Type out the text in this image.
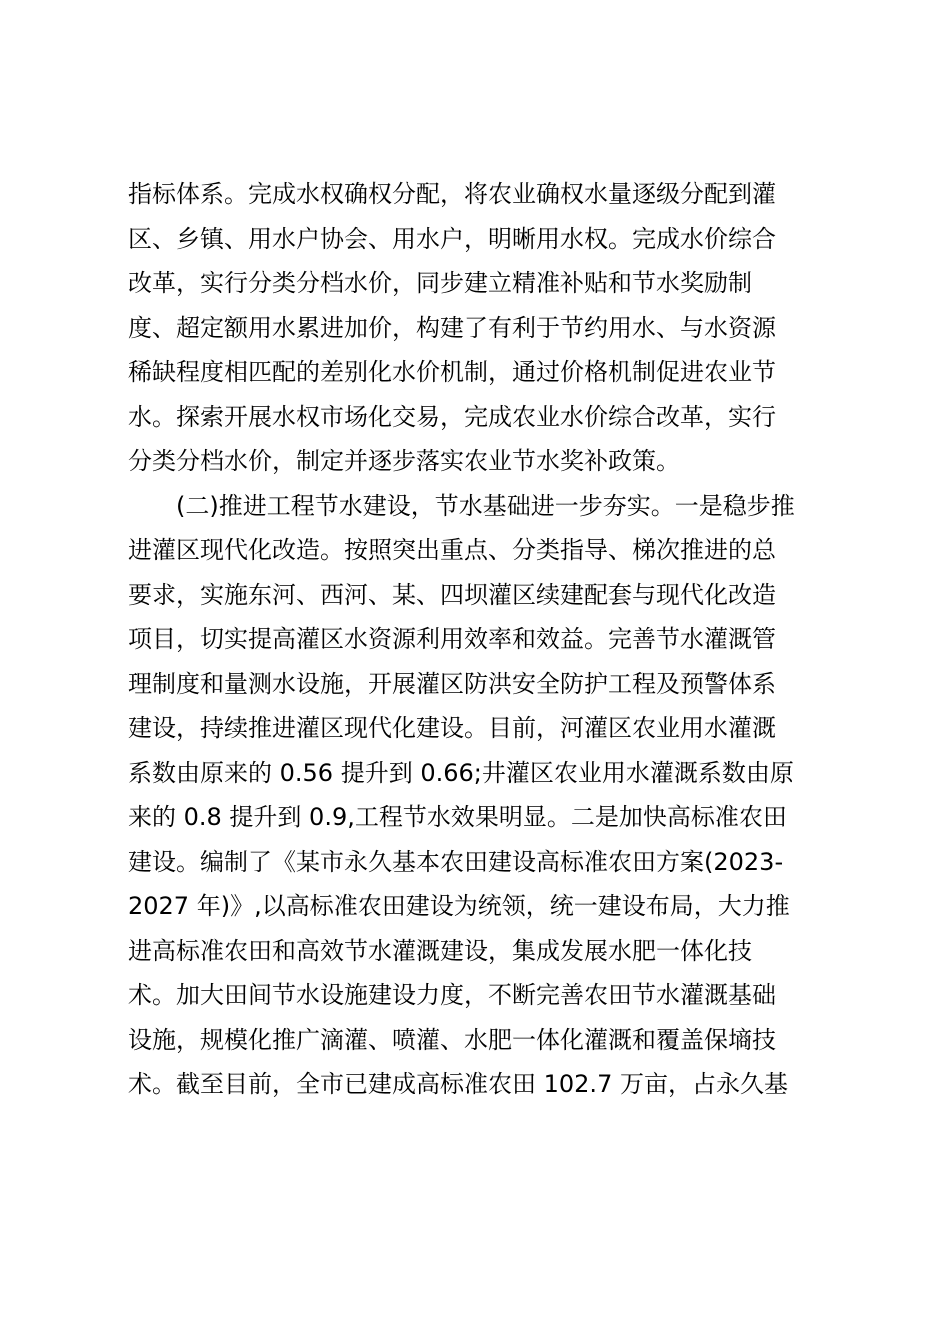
指标体系。完成水权确权分配，将农业确权水量逐级分配到灌
区、乡镇、用水户协会、用水户，明晰用水权。完成水价综合
改革，实行分类分档水价，同步建立精准补贴和节水奖励制
度、超定额用水累进加价，构建了有利于节约用水、与水资源
稀缺程度相匹配的差别化水价机制，通过价格机制促进农业节
水。探索开展水权市场化交易，完成农业水价综合改革，实行
分类分档水价，制定并逐步落实农业节水奖补政策。
(二)推进工程节水建设，节水基础进一步夯实。一是稳步推
进灌区现代化改造。按照突出重点、分类指导、梯次推进的总
要求，实施东河、西河、某、四坝灌区续建配套与现代化改造
项目，切实提高灌区水资源利用效率和效益。完善节水灌溉管
理制度和量测水设施，开展灌区防洪安全防护工程及预警体系
建设，持续推进灌区现代化建设。目前，河灌区农业用水灌溉
系数由原来的 0.56 提升到 0.66;井灌区农业用水灌溉系数由原
来的 0.8 提升到 0.9,工程节水效果明显。二是加快高标准农田
建设。编制了《某市永久基本农田建设高标准农田方案(2023-
2027 年)》,以高标准农田建设为统领，统一建设布局，大力推
进高标准农田和高效节水灌溉建设，集成发展水肥一体化技
术。加大田间节水设施建设力度，不断完善农田节水灌溉基础
设施，规模化推广滴灌、喷灌、水肥一体化灌溉和覆盖保墒技
术。截至目前，全市已建成高标准农田 102.7 万亩，占永久基
